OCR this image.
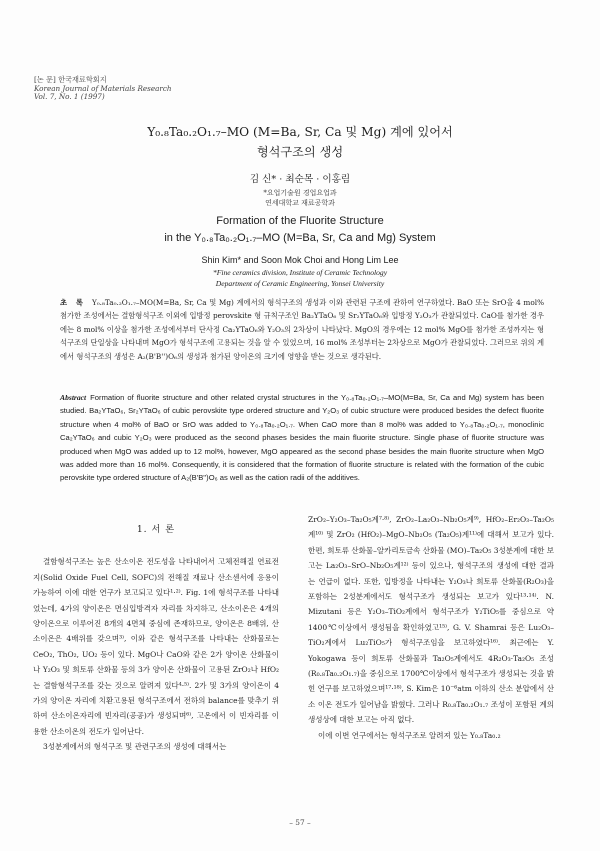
[논 문] 한국재료학회지
Korean Journal of Materials Research
Vol. 7, No. 1 (1997)
Y₀.₈Ta₀.₂O₁.₇–MO (M=Ba, Sr, Ca 및 Mg) 계에 있어서
형석구조의 생성
김 신* · 최순목 · 이홍림
*요업기술원 경업요업과
연세대학교 재료공학과
Formation of the Fluorite Structure
in the Y₀.₈Ta₀.₂O₁.₇–MO (M=Ba, Sr, Ca and Mg) System
Shin Kim* and Soon Mok Choi and Hong Lim Lee
*Fine ceramics division, Institute of Ceramic Technology
Department of Ceramic Engineering, Yonsei University
초 록 Y₀.₈Ta₀.₂O₁.₇–MO(M=Ba, Sr, Ca 및 Mg) 계에서의 형석구조의 생성과 이와 관련된 구조에 관하여 연구하였다. BaO 또는 SrO을 4 mol% 첨가한 조성에서는 결함형석구조 이외에 입방정 perovskite 형 규칙구조인 Ba₂YTaO₆ 및 Sr₂YTaO₆와 입방정 Y₂O₃가 관찰되었다. CaO를 첨가한 경우에는 8 mol% 이상을 첨가한 조성에서부터 단사정 Ca₂YTaO₆와 Y₂O₃의 2차상이 나타났다. MgO의 경우에는 12 mol% MgO를 첨가한 조성까지는 형석구조의 단일상을 나타내며 MgO가 형석구조에 고용되는 것을 알 수 있었으며, 16 mol% 조성부터는 2차상으로 MgO가 관찰되었다. 그러므로 위의 계에서 형석구조의 생성은 A₂(B'B'')O₆의 생성과 첨가된 양이온의 크기에 영향을 받는 것으로 생각된다.
Abstract Formation of fluorite structure and other related crystal structures in the Y₀.₈Ta₀.₂O₁.₇–MO(M=Ba, Sr, Ca and Mg) system has been studied. Ba₂YTaO₆, Sr₂YTaO₆ of cubic perovskite type ordered structure and Y₂O₃ of cubic structure were produced besides the defect fluorite structure when 4 mol% of BaO or SrO was added to Y₀.₈Ta₀.₂O₁.₇. When CaO more than 8 mol% was added to Y₀.₈Ta₀.₂O₁.₇, monoclinic Ca₂YTaO₆ and cubic Y₂O₃ were produced as the second phases besides the main fluorite structure. Single phase of fluorite structure was produced when MgO was added up to 12 mol%, however, MgO appeared as the second phase besides the main fluorite structure when MgO was added more than 16 mol%. Consequently, it is considered that the formation of fluorite structure is related with the formation of the cubic perovskite type ordered structure of A₂(B'B'')O₆ as well as the cation radii of the additives.
1. 서 론

결함형석구조는 높은 산소이온 전도성을 나타내어서 고체전해질 연료전지(Solid Oxide Fuel Cell, SOFC)의 전해질 재료나 산소센서에 응용이 가능하여 이에 대한 연구가 보고되고 있다¹·²⁾. Fig. 1에 형석구조를 나타내었는데, 4가의 양이온은 면심입방격자 자리를 차지하고, 산소이온은 4개의 양이온으로 이루어진 8개의 4면체 중심에 존재하므로, 양이온은 8배위, 산소이온은 4배위를 갖으며³⁾, 이와 같은 형석구조를 나타내는 산화물로는 CeO₂, ThO₂, UO₂ 등이 있다. MgO나 CaO와 같은 2가 양이온 산화물이나 Y₂O₃ 및 희토류 산화물 등의 3가 양이온 산화물이 고용된 ZrO₂나 HfO₂는 결함형석구조를 갖는 것으로 알려져 있다⁴·⁵⁾. 2가 및 3가의 양이온이 4가의 양이온 자리에 치환고용된 형석구조에서 전하의 balance를 맞추기 위하여 산소이온자리에 빈자리(공공)가 생성되며⁶⁾, 고온에서 이 빈자리를 이용한 산소이온의 전도가 일어난다.

3성분계에서의 형석구조 및 관련구조의 생성에 대해서는

ZrO₂–Y₂O₃–Ta₂O₅계⁷·⁸⁾, ZrO₂–La₂O₃–Nb₂O₅계⁹⁾, HfO₂–Er₂O₃–Ta₂O₅계¹⁰⁾ 및 ZrO₂ (HfO₂)–MgO–Nb₂O₅ (Ta₂O₅)계¹¹⁾에 대해서 보고가 있다. 한편, 희토류 산화물–알카리토금속 산화물 (MO)–Ta₂O₅ 3성분계에 대한 보고는 La₂O₃–SrO–Nb₂O₅계¹²⁾ 등이 있으나, 형석구조의 생성에 대한 결과는 언급이 없다. 또한, 입방정을 나타내는 Y₂O₃나 희토류 산화물(R₂O₃)을 포함하는 2성분계에서도 형석구조가 생성되는 보고가 있다¹³·¹⁴⁾. N. Mizutani 등은 Y₂O₃–TiO₂계에서 형석구조가 Y₂TiO₅를 중심으로 약 1400℃이상에서 생성됨을 확인하였고¹⁵⁾, G. V. Shamrai 등은 Lu₂O₃–TiO₂계에서 Lu₂TiO₅가 형석구조임을 보고하였다¹⁶⁾. 최근에는 Y. Yokogawa 등이 희토류 산화물과 Ta₂O₅계에서도 4R₂O₃·Ta₂O₅ 조성 (R₀.₈Ta₀.₂O₁.₇)을 중심으로 1700℃이상에서 형석구조가 생성되는 것을 밝힌 연구를 보고하였으며¹⁷·¹⁸⁾, S. Kim은 10⁻⁶atm 이하의 산소 분압에서 산소 이온 전도가 일어남을 밝혔다. 그러나 R₀.₈Ta₀.₂O₁.₇ 조성이 포함된 계의 생성상에 대한 보고는 아직 없다.

이에 이번 연구에서는 형석구조로 알려져 있는 Y₀.₈Ta₀.₂

– 57 –
